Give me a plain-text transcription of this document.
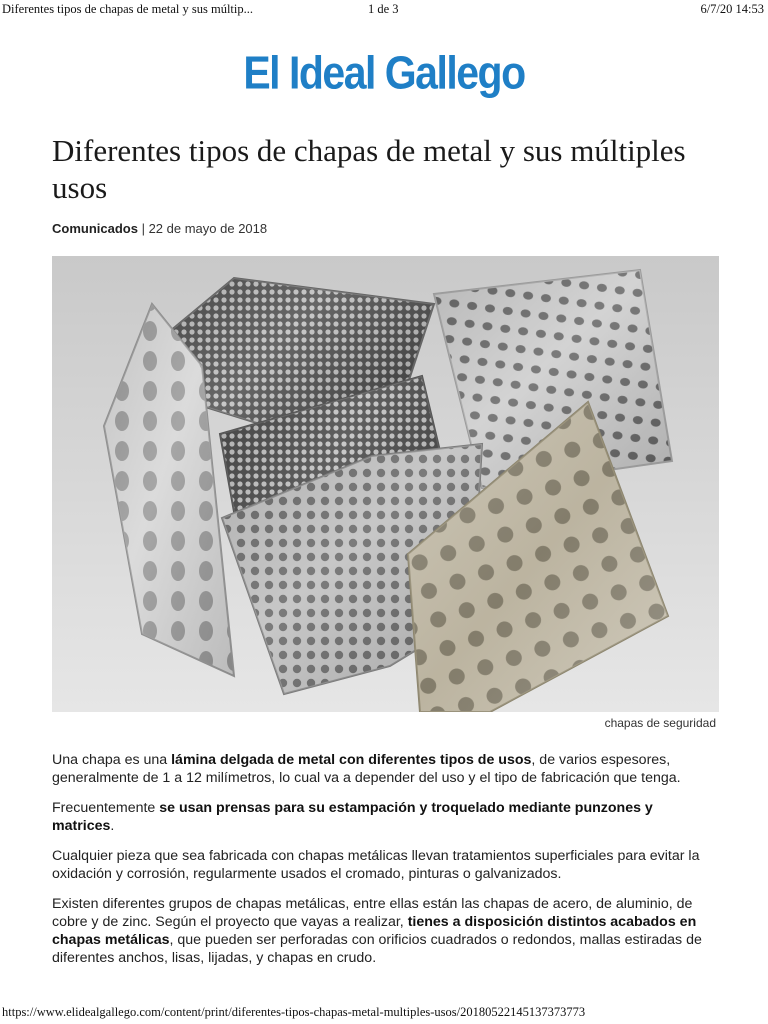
Diferentes tipos de chapas de metal y sus múltip...	1 de 3	6/7/20 14:53
El Ideal Gallego
Diferentes tipos de chapas de metal y sus múltiples usos
Comunicados | 22 de mayo de 2018
chapas de seguridad

Una chapa es una lámina delgada de metal con diferentes tipos de usos, de varios espesores, generalmente de 1 a 12 milímetros, lo cual va a depender del uso y el tipo de fabricación que tenga.

Frecuentemente se usan prensas para su estampación y troquelado mediante punzones y matrices.

Cualquier pieza que sea fabricada con chapas metálicas llevan tratamientos superficiales para evitar la oxidación y corrosión, regularmente usados el cromado, pinturas o galvanizados.

Existen diferentes grupos de chapas metálicas, entre ellas están las chapas de acero, de aluminio, de cobre y de zinc. Según el proyecto que vayas a realizar, tienes a disposición distintos acabados en chapas metálicas, que pueden ser perforadas con orificios cuadrados o redondos, mallas estiradas de diferentes anchos, lisas, lijadas, y chapas en crudo.

https://www.elidealgallego.com/content/print/diferentes-tipos-chapas-metal-multiples-usos/20180522145137373773
